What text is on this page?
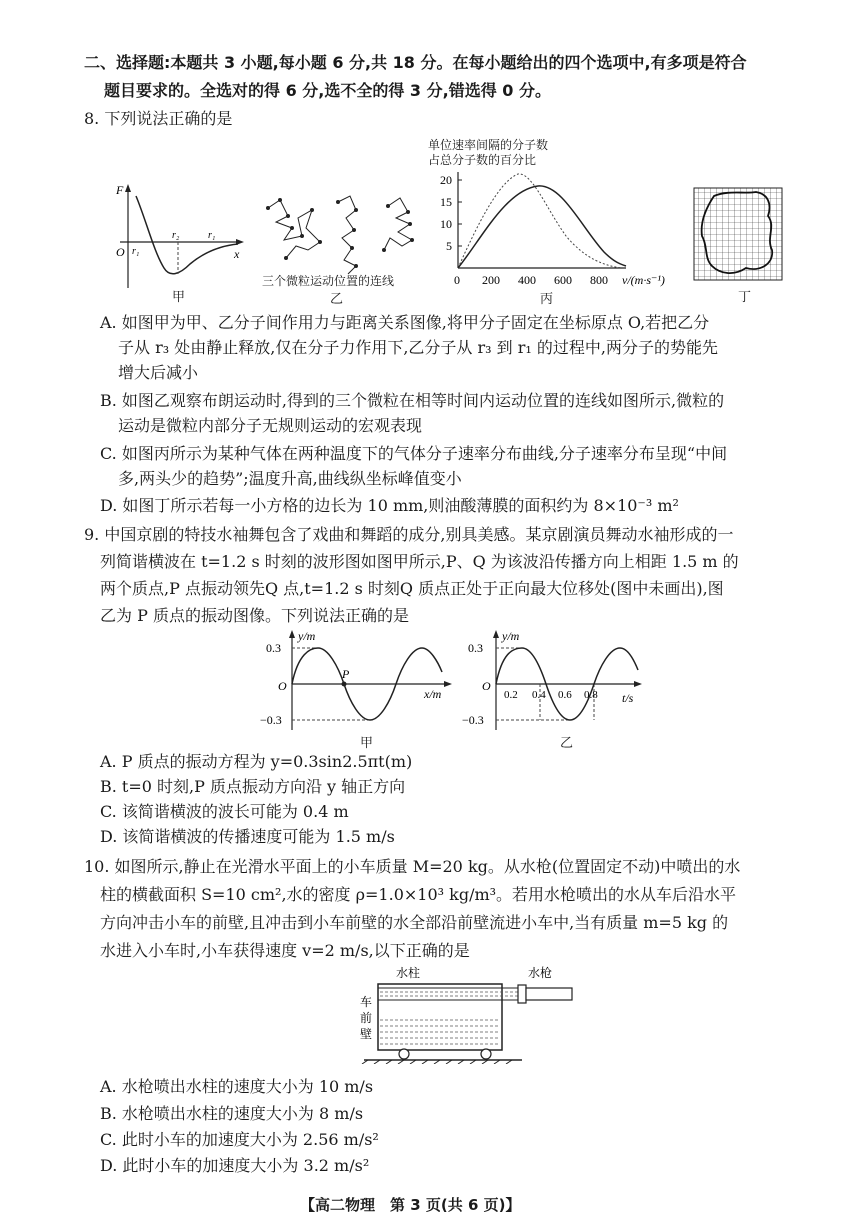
二、选择题:本题共 3 小题,每小题 6 分,共 18 分。在每小题给出的四个选项中,有多项是符合
题目要求的。全选对的得 6 分,选不全的得 3 分,错选得 0 分。
8. 下列说法正确的是
F
x
O r₁
r₂	r₁
甲
三个微粒运动位置的连线
乙
单位速率间隔的分子数
占总分子数的百分比
20
15
10
5
0 200 400 600 800 v/(m·s⁻¹)
丙	丁
A. 如图甲为甲、乙分子间作用力与距离关系图像,将甲分子固定在坐标原点 O,若把乙分
子从 r₃ 处由静止释放,仅在分子力作用下,乙分子从 r₃ 到 r₁ 的过程中,两分子的势能先
增大后减小
B. 如图乙观察布朗运动时,得到的三个微粒在相等时间内运动位置的连线如图所示,微粒的
运动是微粒内部分子无规则运动的宏观表现
C. 如图丙所示为某种气体在两种温度下的气体分子速率分布曲线,分子速率分布呈现“中间
多,两头少的趋势”;温度升高,曲线纵坐标峰值变小
D. 如图丁所示若每一小方格的边长为 10 mm,则油酸薄膜的面积约为 8×10⁻³ m²
9. 中国京剧的特技水袖舞包含了戏曲和舞蹈的成分,别具美感。某京剧演员舞动水袖形成的一
列简谐横波在 t=1.2 s 时刻的波形图如图甲所示,P、Q 为该波沿传播方向上相距 1.5 m 的
两个质点,P 点振动领先Q 点,t=1.2 s 时刻Q 质点正处于正向最大位移处(图中未画出),图
乙为 P 质点的振动图像。下列说法正确的是
y/m
0.3
−0.3
O
P
x/m
甲
y/m
0.3
−0.3
O
0.2 0.4 0.6 0.8 t/s
乙
A. P 质点的振动方程为 y=0.3sin2.5πt(m)
B. t=0 时刻,P 质点振动方向沿 y 轴正方向
C. 该简谐横波的波长可能为 0.4 m
D. 该简谐横波的传播速度可能为 1.5 m/s
10. 如图所示,静止在光滑水平面上的小车质量 M=20 kg。从水枪(位置固定不动)中喷出的水
柱的横截面积 S=10 cm²,水的密度 ρ=1.0×10³ kg/m³。若用水枪喷出的水从车后沿水平
方向冲击小车的前壁,且冲击到小车前壁的水全部沿前壁流进小车中,当有质量 m=5 kg 的
水进入小车时,小车获得速度 v=2 m/s,以下正确的是
水柱	水枪
车
前
壁
A. 水枪喷出水柱的速度大小为 10 m/s
B. 水枪喷出水柱的速度大小为 8 m/s
C. 此时小车的加速度大小为 2.56 m/s²
D. 此时小车的加速度大小为 3.2 m/s²
【高二物理　第 3 页(共 6 页)】
